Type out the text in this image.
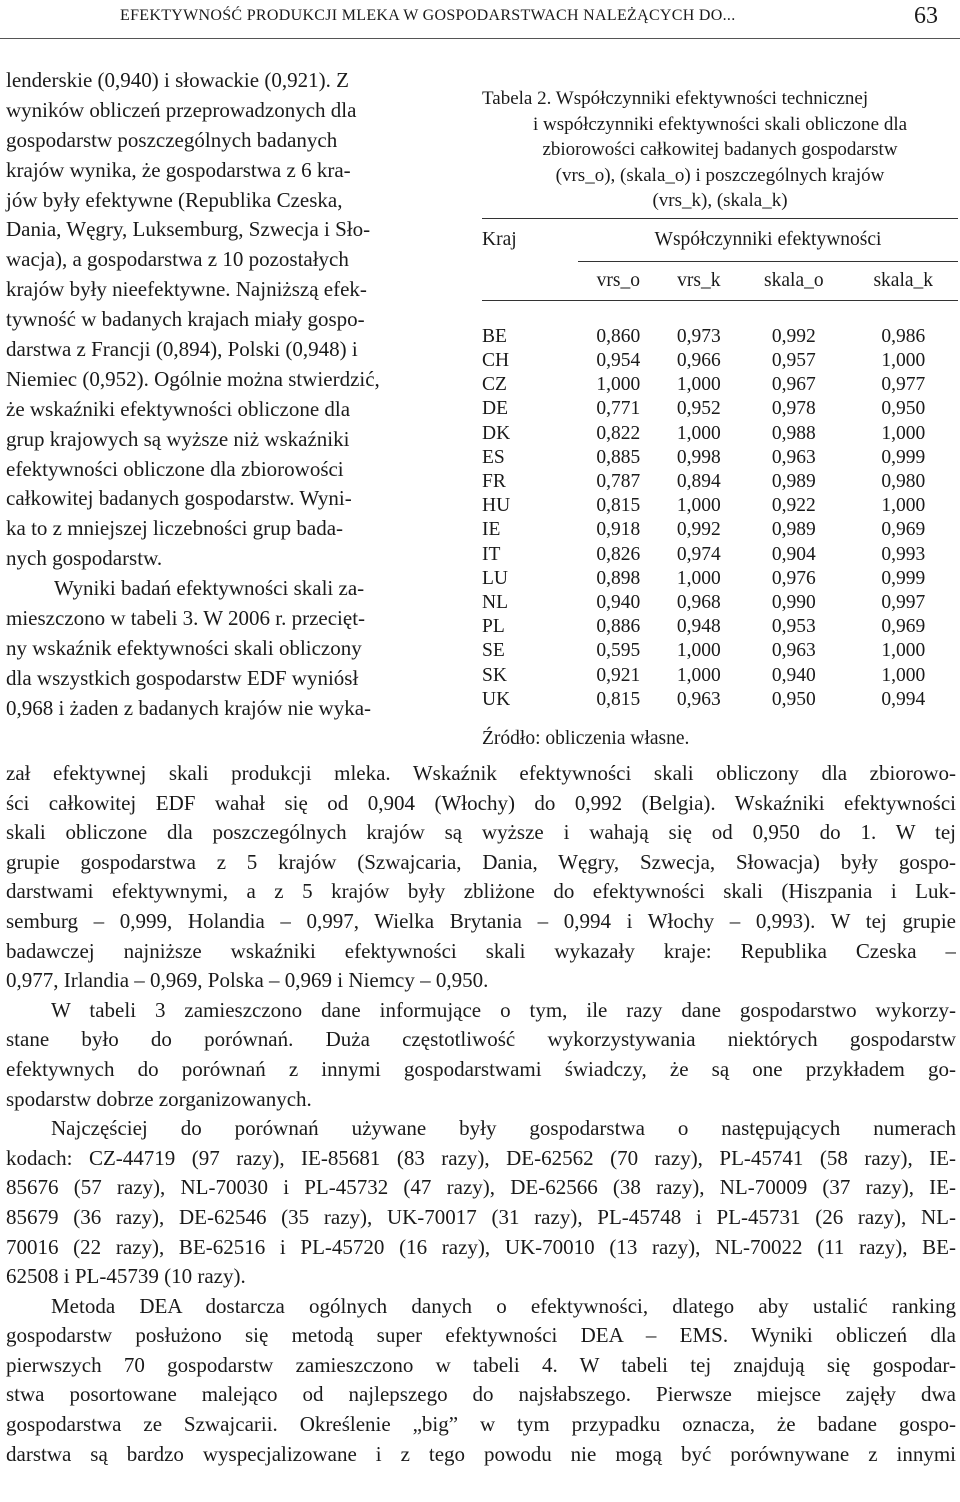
EFEKTYWNOŚĆ PRODUKCJI MLEKA W GOSPODARSTWACH NALEŻĄCYCH DO...	63
lenderskie (0,940) i słowackie (0,921). Z
wyników obliczeń przeprowadzonych dla
gospodarstw poszczególnych badanych
krajów wynika, że gospodarstwa z 6 kra-
jów były efektywne (Republika Czeska,
Dania, Węgry, Luksemburg, Szwecja i Sło-
wacja), a gospodarstwa z 10 pozostałych
krajów były nieefektywne. Najniższą efek-
tywność w badanych krajach miały gospo-
darstwa z Francji (0,894), Polski (0,948) i
Niemiec (0,952). Ogólnie można stwierdzić,
że wskaźniki efektywności obliczone dla
grup krajowych są wyższe niż wskaźniki
efektywności obliczone dla zbiorowości
całkowitej badanych gospodarstw. Wyni-
ka to z mniejszej liczebności grup bada-
nych gospodarstw.
Wyniki badań efektywności skali za-
mieszczono w tabeli 3. W 2006 r. przecięt-
ny wskaźnik efektywności skali obliczony
dla wszystkich gospodarstw EDF wyniósł
0,968 i żaden z badanych krajów nie wyka-
Tabela 2. Współczynniki efektywności technicznej
i współczynniki efektywności skali obliczone dla
zbiorowości całkowitej badanych gospodarstw
(vrs_o), (skala_o) i poszczególnych krajów
(vrs_k), (skala_k)
Kraj	Współczynniki efektywności			
	vrs_o	vrs_k	skala_o	skala_k

BE	0,860	0,973	0,992	0,986
CH	0,954	0,966	0,957	1,000
CZ	1,000	1,000	0,967	0,977
DE	0,771	0,952	0,978	0,950
DK	0,822	1,000	0,988	1,000
ES	0,885	0,998	0,963	0,999
FR	0,787	0,894	0,989	0,980
HU	0,815	1,000	0,922	1,000
IE	0,918	0,992	0,989	0,969
IT	0,826	0,974	0,904	0,993
LU	0,898	1,000	0,976	0,999
NL	0,940	0,968	0,990	0,997
PL	0,886	0,948	0,953	0,969
SE	0,595	1,000	0,963	1,000
SK	0,921	1,000	0,940	1,000
UK	0,815	0,963	0,950	0,994
Źródło: obliczenia własne.
zał efektywnej skali produkcji mleka. Wskaźnik efektywności skali obliczony dla zbiorowo-
ści całkowitej EDF wahał się od 0,904 (Włochy) do 0,992 (Belgia). Wskaźniki efektywności
skali obliczone dla poszczególnych krajów są wyższe i wahają się od 0,950 do 1. W tej
grupie gospodarstwa z 5 krajów (Szwajcaria, Dania, Węgry, Szwecja, Słowacja) były gospo-
darstwami efektywnymi, a z 5 krajów były zbliżone do efektywności skali (Hiszpania i Luk-
semburg – 0,999, Holandia – 0,997, Wielka Brytania – 0,994 i Włochy – 0,993). W tej grupie
badawczej najniższe wskaźniki efektywności skali wykazały kraje: Republika Czeska –
0,977, Irlandia – 0,969, Polska – 0,969 i Niemcy – 0,950.
W tabeli 3 zamieszczono dane informujące o tym, ile razy dane gospodarstwo wykorzy-
stane było do porównań. Duża częstotliwość wykorzystywania niektórych gospodarstw
efektywnych do porównań z innymi gospodarstwami świadczy, że są one przykładem go-
spodarstw dobrze zorganizowanych.
Najczęściej do porównań używane były gospodarstwa o następujących numerach
kodach: CZ-44719 (97 razy), IE-85681 (83 razy), DE-62562 (70 razy), PL-45741 (58 razy), IE-
85676 (57 razy), NL-70030 i PL-45732 (47 razy), DE-62566 (38 razy), NL-70009 (37 razy), IE-
85679 (36 razy), DE-62546 (35 razy), UK-70017 (31 razy), PL-45748 i PL-45731 (26 razy), NL-
70016 (22 razy), BE-62516 i PL-45720 (16 razy), UK-70010 (13 razy), NL-70022 (11 razy), BE-
62508 i PL-45739 (10 razy).
Metoda DEA dostarcza ogólnych danych o efektywności, dlatego aby ustalić ranking
gospodarstw posłużono się metodą super efektywności DEA – EMS. Wyniki obliczeń dla
pierwszych 70 gospodarstw zamieszczono w tabeli 4. W tabeli tej znajdują się gospodar-
stwa posortowane malejąco od najlepszego do najsłabszego. Pierwsze miejsce zajęły dwa
gospodarstwa ze Szwajcarii. Określenie „big” w tym przypadku oznacza, że badane gospo-
darstwa są bardzo wyspecjalizowane i z tego powodu nie mogą być porównywane z innymi
